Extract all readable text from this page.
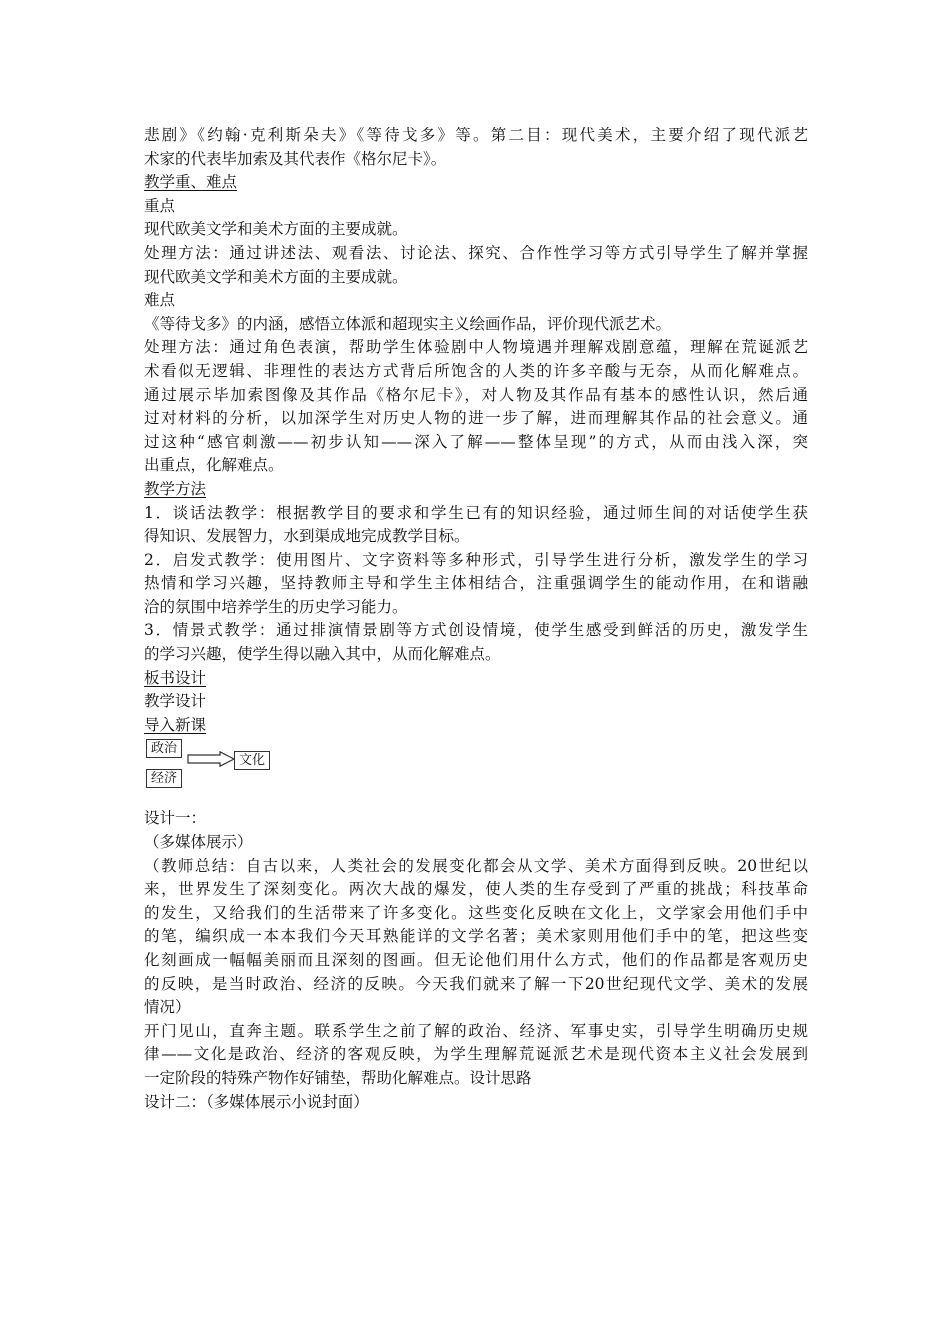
悲剧》《约翰·克利斯朵夫》《等待戈多》等。第二目：现代美术，主要介绍了现代派艺
术家的代表毕加索及其代表作《格尔尼卡》。
教学重、难点
重点
现代欧美文学和美术方面的主要成就。
处理方法：通过讲述法、观看法、讨论法、探究、合作性学习等方式引导学生了解并掌握
现代欧美文学和美术方面的主要成就。
难点
《等待戈多》的内涵，感悟立体派和超现实主义绘画作品，评价现代派艺术。
处理方法：通过角色表演，帮助学生体验剧中人物境遇并理解戏剧意蕴，理解在荒诞派艺
术看似无逻辑、非理性的表达方式背后所饱含的人类的许多辛酸与无奈，从而化解难点。
通过展示毕加索图像及其作品《格尔尼卡》，对人物及其作品有基本的感性认识，然后通
过对材料的分析，以加深学生对历史人物的进一步了解，进而理解其作品的社会意义。通
过这种“感官刺激——初步认知——深入了解——整体呈现”的方式，从而由浅入深，突
出重点，化解难点。
教学方法
1．谈话法教学：根据教学目的要求和学生已有的知识经验，通过师生间的对话使学生获
得知识、发展智力，水到渠成地完成教学目标。
2．启发式教学：使用图片、文字资料等多种形式，引导学生进行分析，激发学生的学习
热情和学习兴趣，坚持教师主导和学生主体相结合，注重强调学生的能动作用，在和谐融
洽的氛围中培养学生的历史学习能力。
3．情景式教学：通过排演情景剧等方式创设情境，使学生感受到鲜活的历史，激发学生
的学习兴趣，使学生得以融入其中，从而化解难点。
板书设计
教学设计
导入新课
政治
文化
经济
设计一：
（多媒体展示）
（教师总结：自古以来，人类社会的发展变化都会从文学、美术方面得到反映。20世纪以
来，世界发生了深刻变化。两次大战的爆发，使人类的生存受到了严重的挑战；科技革命
的发生，又给我们的生活带来了许多变化。这些变化反映在文化上，文学家会用他们手中
的笔，编织成一本本我们今天耳熟能详的文学名著；美术家则用他们手中的笔，把这些变
化刻画成一幅幅美丽而且深刻的图画。但无论他们用什么方式，他们的作品都是客观历史
的反映，是当时政治、经济的反映。今天我们就来了解一下20世纪现代文学、美术的发展
情况）
开门见山，直奔主题。联系学生之前了解的政治、经济、军事史实，引导学生明确历史规
律——文化是政治、经济的客观反映，为学生理解荒诞派艺术是现代资本主义社会发展到
一定阶段的特殊产物作好铺垫，帮助化解难点。设计思路
设计二：（多媒体展示小说封面）
